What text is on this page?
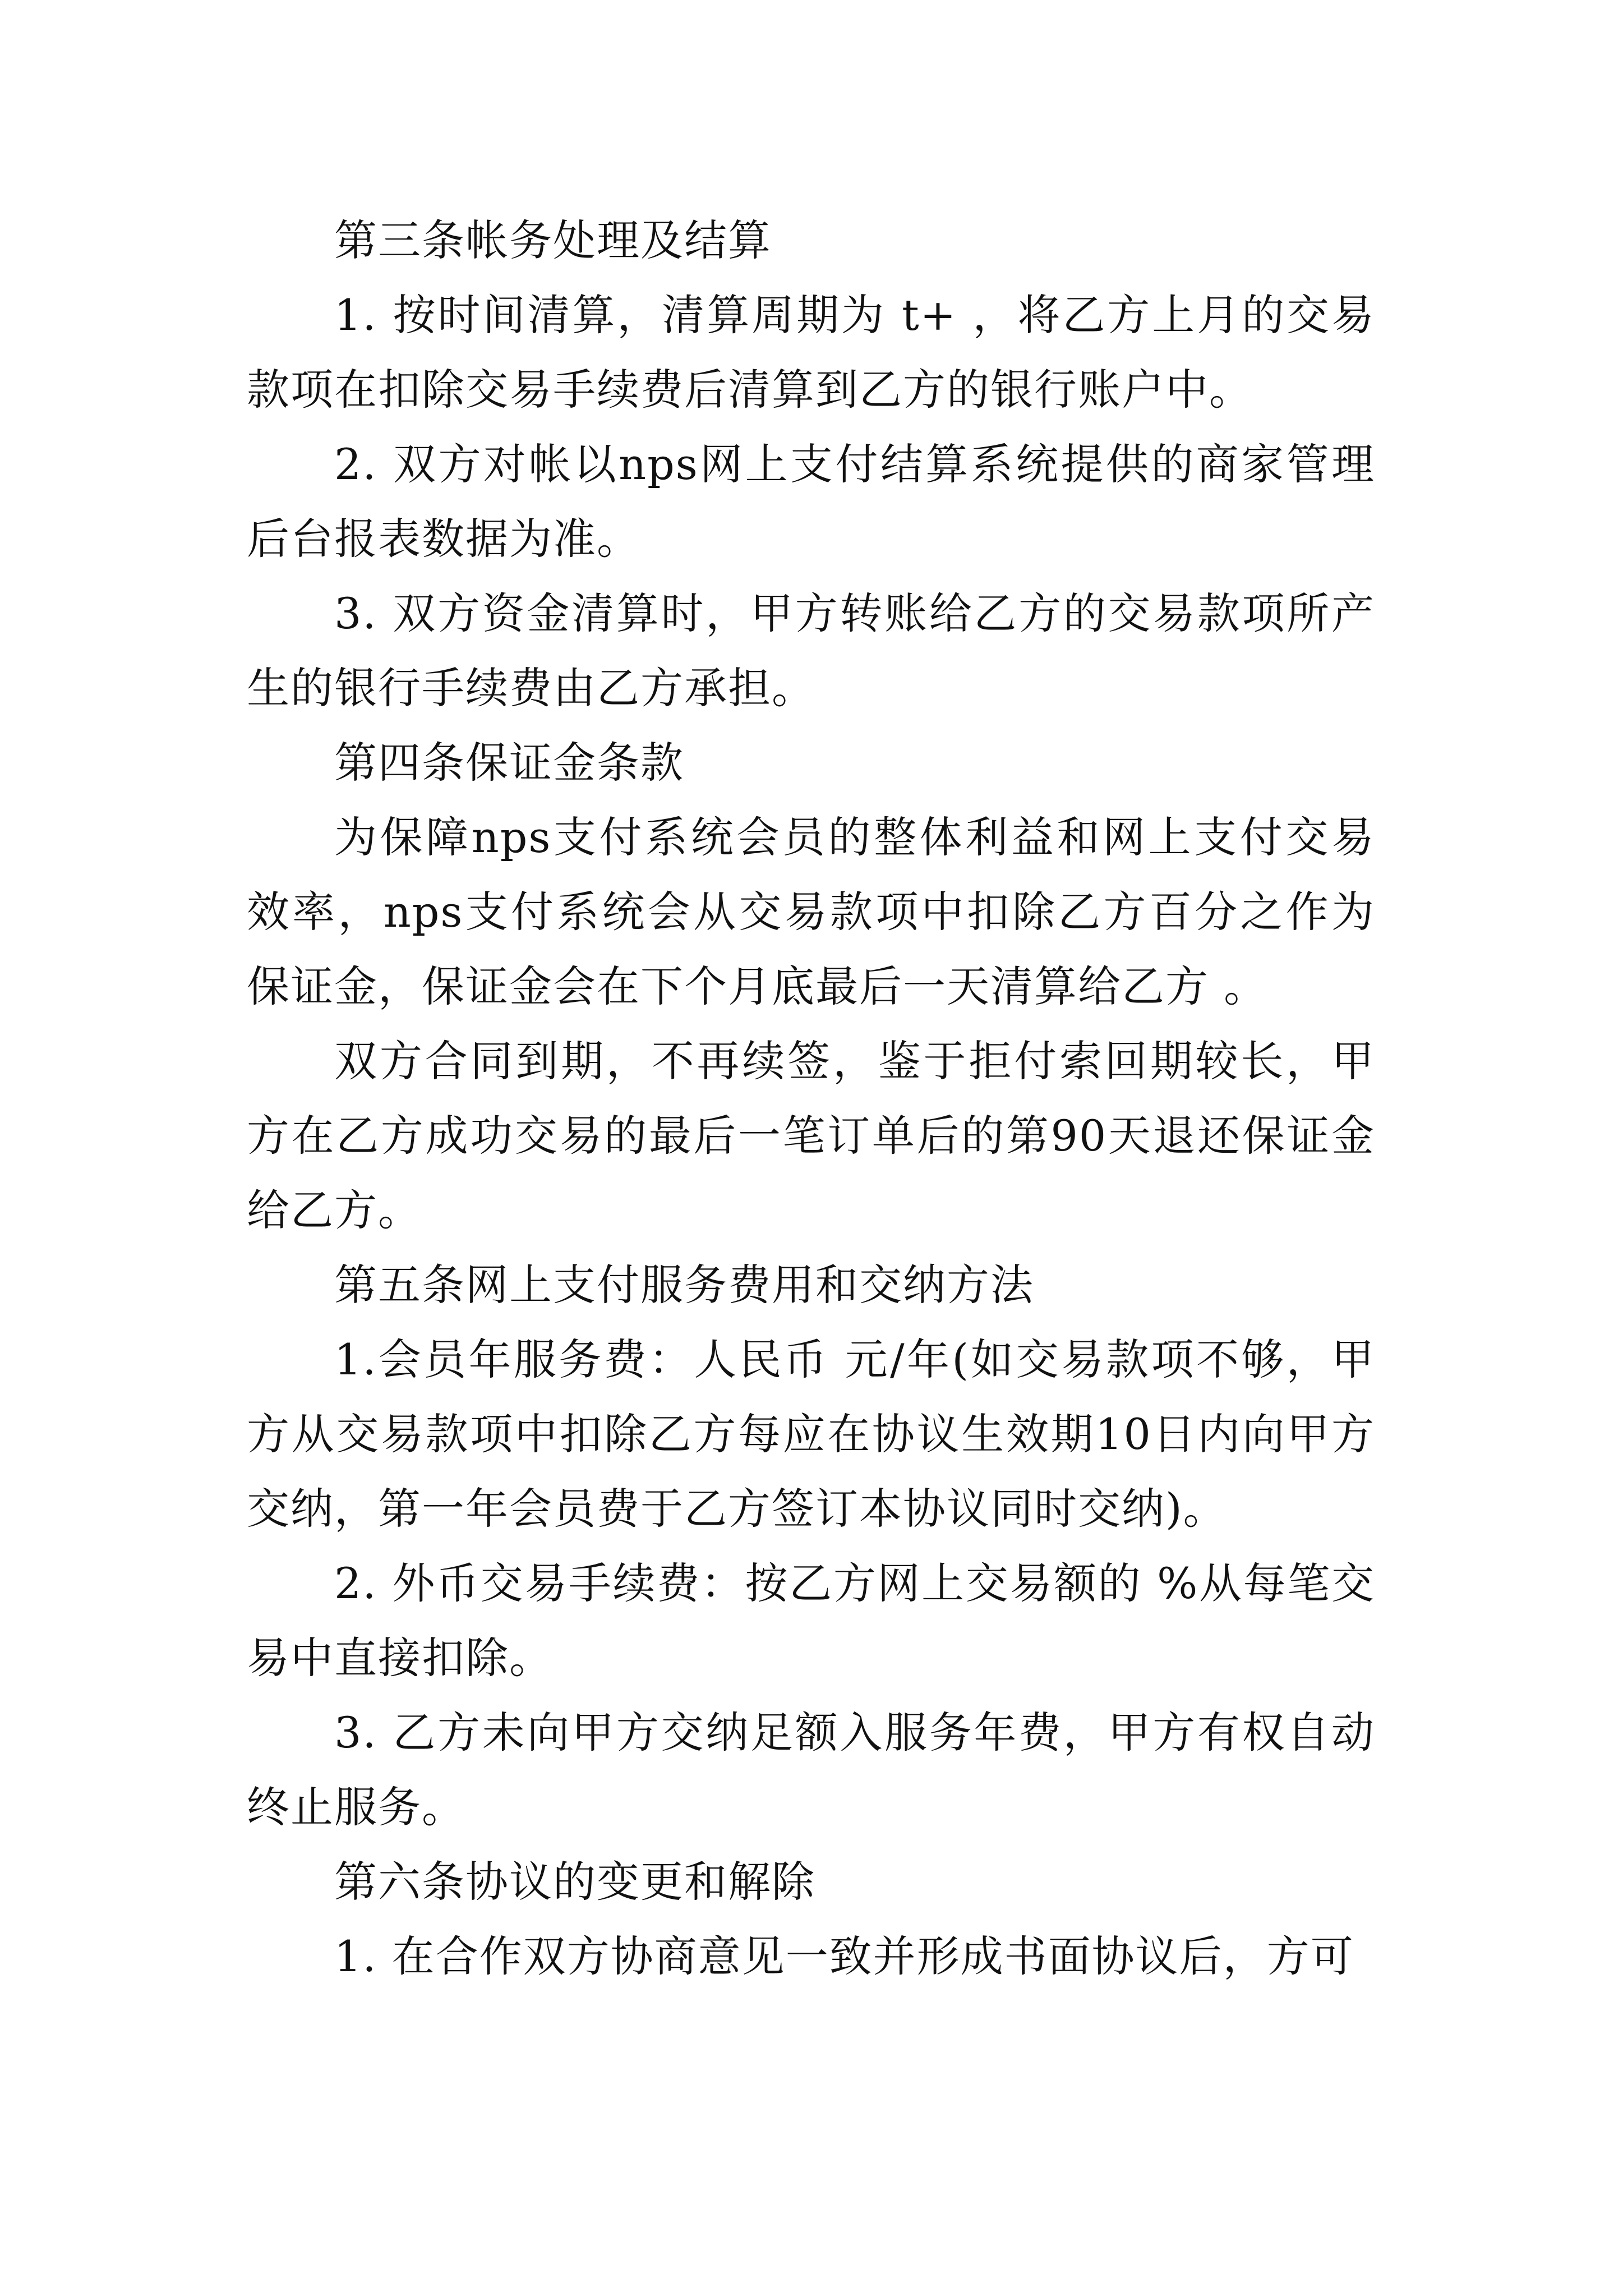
第三条帐务处理及结算

1. 按时间清算，清算周期为 t+ ，将乙方上月的交易款项在扣除交易手续费后清算到乙方的银行账户中。

2. 双方对帐以nps网上支付结算系统提供的商家管理后台报表数据为准。

3. 双方资金清算时，甲方转账给乙方的交易款项所产生的银行手续费由乙方承担。

第四条保证金条款

为保障nps支付系统会员的整体利益和网上支付交易效率，nps支付系统会从交易款项中扣除乙方百分之作为保证金，保证金会在下个月底最后一天清算给乙方 。

双方合同到期，不再续签，鉴于拒付索回期较长，甲方在乙方成功交易的最后一笔订单后的第90天退还保证金给乙方。

第五条网上支付服务费用和交纳方法

1.会员年服务费：人民币 元/年(如交易款项不够，甲方从交易款项中扣除乙方每应在协议生效期10日内向甲方交纳，第一年会员费于乙方签订本协议同时交纳)。

2. 外币交易手续费：按乙方网上交易额的 %从每笔交易中直接扣除。

3. 乙方未向甲方交纳足额入服务年费，甲方有权自动终止服务。

第六条协议的变更和解除

1. 在合作双方协商意见一致并形成书面协议后，方可
